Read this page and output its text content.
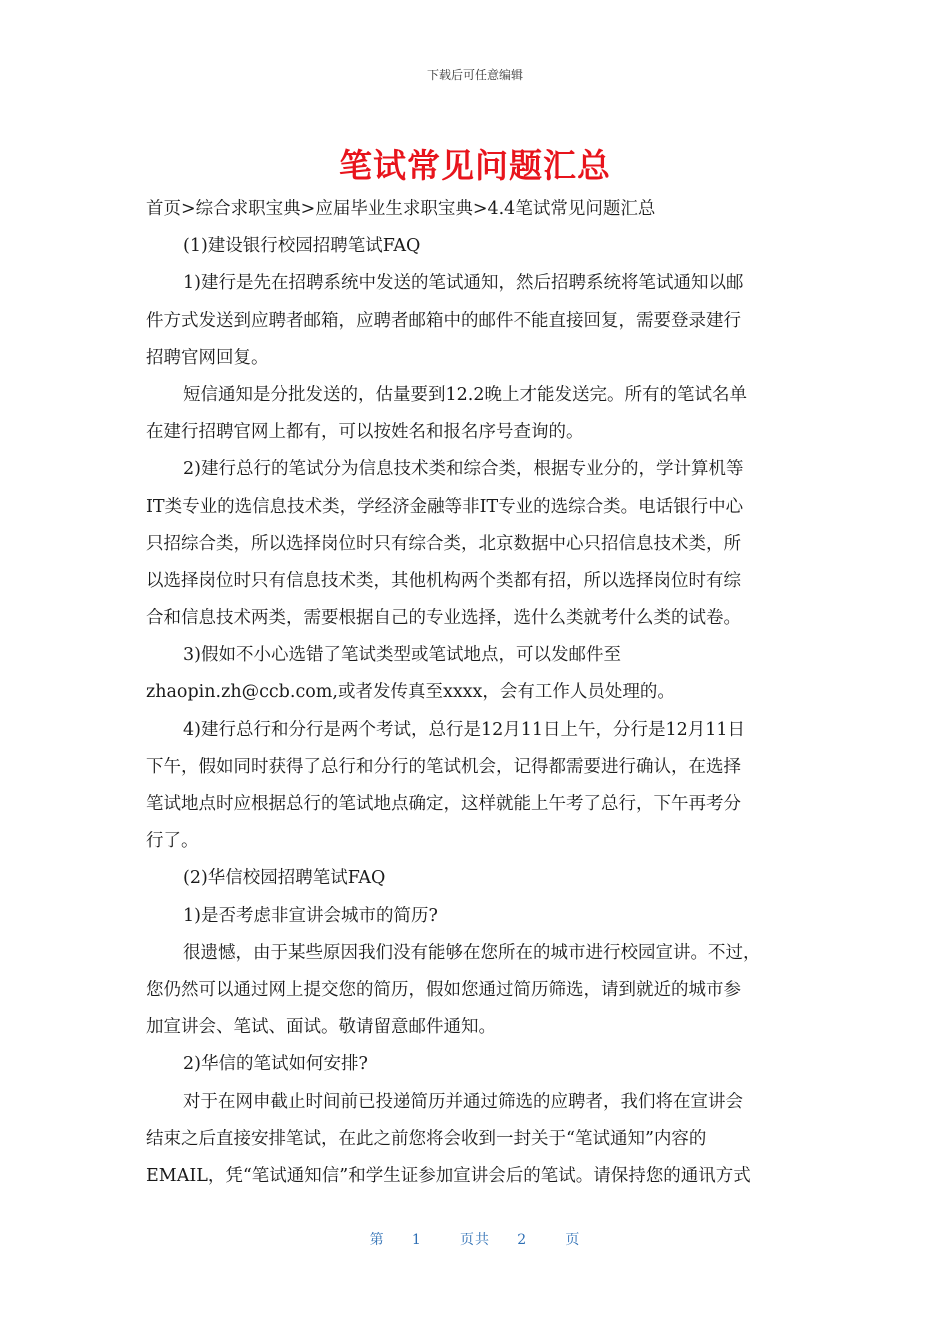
下载后可任意编辑
笔试常见问题汇总
首页>综合求职宝典>应届毕业生求职宝典>4.4笔试常见问题汇总
(1)建设银行校园招聘笔试FAQ
1)建行是先在招聘系统中发送的笔试通知，然后招聘系统将笔试通知以邮
件方式发送到应聘者邮箱，应聘者邮箱中的邮件不能直接回复，需要登录建行
招聘官网回复。
短信通知是分批发送的，估量要到12.2晚上才能发送完。所有的笔试名单
在建行招聘官网上都有，可以按姓名和报名序号查询的。
2)建行总行的笔试分为信息技术类和综合类，根据专业分的，学计算机等
IT类专业的选信息技术类，学经济金融等非IT专业的选综合类。电话银行中心
只招综合类，所以选择岗位时只有综合类，北京数据中心只招信息技术类，所
以选择岗位时只有信息技术类，其他机构两个类都有招，所以选择岗位时有综
合和信息技术两类，需要根据自己的专业选择，选什么类就考什么类的试卷。
3)假如不小心选错了笔试类型或笔试地点，可以发邮件至
zhaopin.zh@ccb.com,或者发传真至xxxx，会有工作人员处理的。
4)建行总行和分行是两个考试，总行是12月11日上午，分行是12月11日
下午，假如同时获得了总行和分行的笔试机会，记得都需要进行确认，在选择
笔试地点时应根据总行的笔试地点确定，这样就能上午考了总行，下午再考分
行了。
(2)华信校园招聘笔试FAQ
1)是否考虑非宣讲会城市的简历?
很遗憾，由于某些原因我们没有能够在您所在的城市进行校园宣讲。不过，
您仍然可以通过网上提交您的简历，假如您通过简历筛选，请到就近的城市参
加宣讲会、笔试、面试。敬请留意邮件通知。
2)华信的笔试如何安排?
对于在网申截止时间前已投递简历并通过筛选的应聘者，我们将在宣讲会
结束之后直接安排笔试，在此之前您将会收到一封关于“笔试通知”内容的
EMAIL，凭“笔试通知信”和学生证参加宣讲会后的笔试。请保持您的通讯方式
第 1	页共 2	页
